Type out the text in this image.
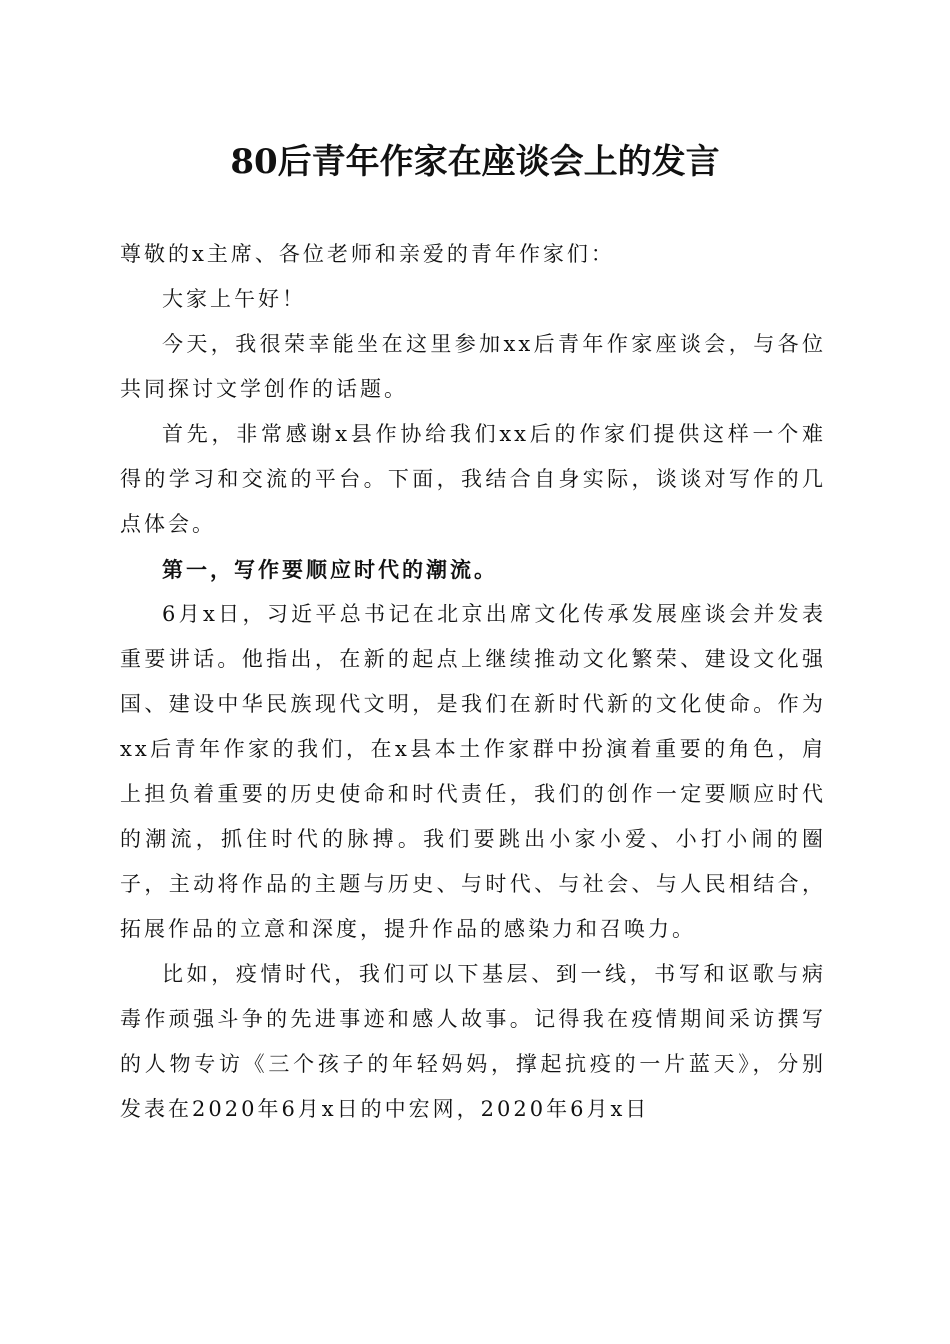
80后青年作家在座谈会上的发言

尊敬的x主席、各位老师和亲爱的青年作家们：

大家上午好！

今天，我很荣幸能坐在这里参加xx后青年作家座谈会，与各位共同探讨文学创作的话题。

首先，非常感谢x县作协给我们xx后的作家们提供这样一个难得的学习和交流的平台。下面，我结合自身实际，谈谈对写作的几点体会。

第一，写作要顺应时代的潮流。

6月x日，习近平总书记在北京出席文化传承发展座谈会并发表重要讲话。他指出，在新的起点上继续推动文化繁荣、建设文化强国、建设中华民族现代文明，是我们在新时代新的文化使命。作为xx后青年作家的我们，在x县本土作家群中扮演着重要的角色，肩上担负着重要的历史使命和时代责任，我们的创作一定要顺应时代的潮流，抓住时代的脉搏。我们要跳出小家小爱、小打小闹的圈子，主动将作品的主题与历史、与时代、与社会、与人民相结合，拓展作品的立意和深度，提升作品的感染力和召唤力。

比如，疫情时代，我们可以下基层、到一线，书写和讴歌与病毒作顽强斗争的先进事迹和感人故事。记得我在疫情期间采访撰写的人物专访《三个孩子的年轻妈妈，撑起抗疫的一片蓝天》，分别发表在2020年6月x日的中宏网，2020年6月x日
